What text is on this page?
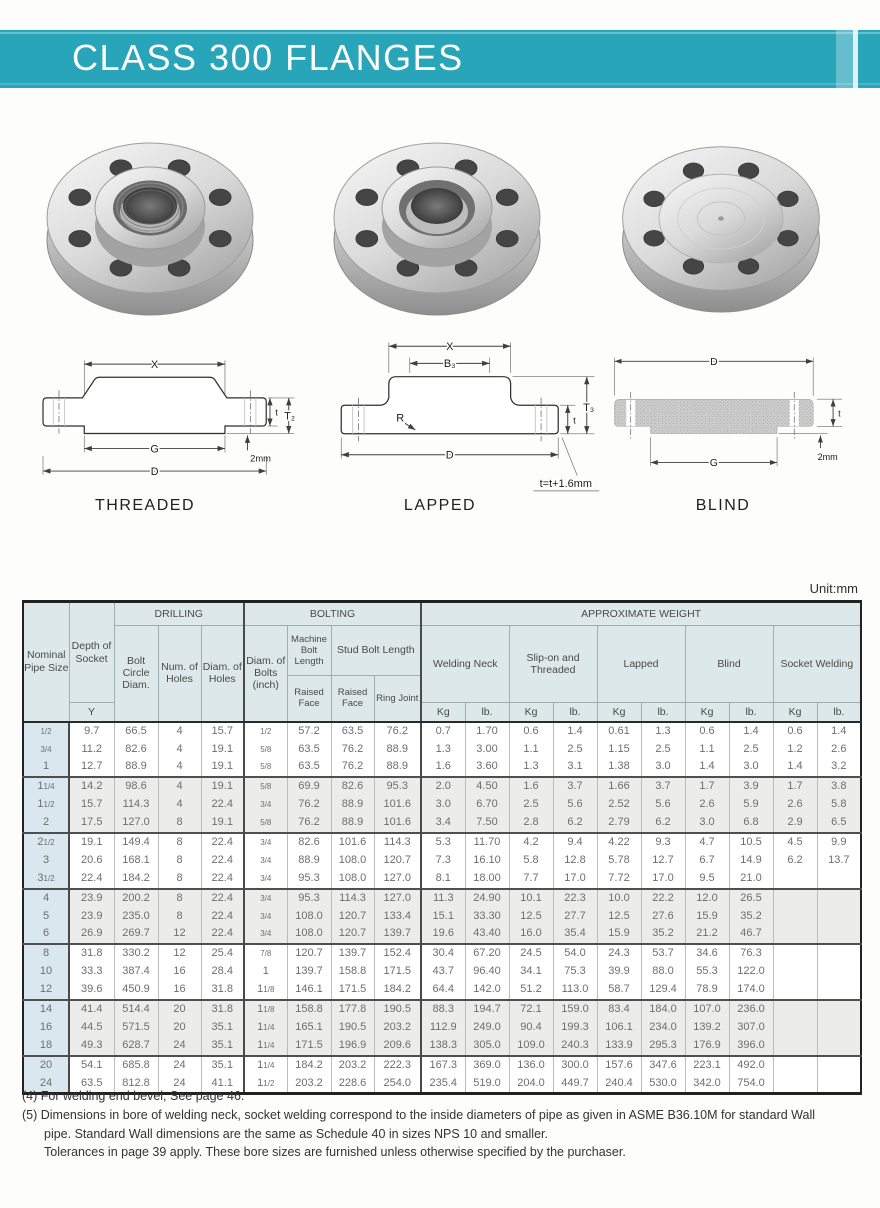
CLASS 300 FLANGES
X
t T₂
2mm
G
D
X
B₃
R	t
T₃
D
t=t+1.6mm
D
t
2mm
G
THREADED	LAPPED	BLIND
Unit:mm
Nominal Pipe Size	Depth of Socket	DRILLING			BOLTING				APPROXIMATE WEIGHT									
		Bolt Circle Diam.	Num. of Holes	Diam. of Holes	Diam. of Bolts (inch)	Machine Bolt Length	Stud Bolt Length		Welding Neck		Slip-on and Threaded		Lapped		Blind		Socket Welding	
						Raised Face	Raised Face	Ring Joint										
	Y								Kg	lb.	Kg	lb.	Kg	lb.	Kg	lb.	Kg	lb.
1/2	9.7	66.5	4	15.7	1/2	57.2	63.5	76.2	0.7	1.70	0.6	1.4	0.61	1.3	0.6	1.4	0.6	1.4
3/4	11.2	82.6	4	19.1	5/8	63.5	76.2	88.9	1.3	3.00	1.1	2.5	1.15	2.5	1.1	2.5	1.2	2.6
1	12.7	88.9	4	19.1	5/8	63.5	76.2	88.9	1.6	3.60	1.3	3.1	1.38	3.0	1.4	3.0	1.4	3.2
11/4	14.2	98.6	4	19.1	5/8	69.9	82.6	95.3	2.0	4.50	1.6	3.7	1.66	3.7	1.7	3.9	1.7	3.8
11/2	15.7	114.3	4	22.4	3/4	76.2	88.9	101.6	3.0	6.70	2.5	5.6	2.52	5.6	2.6	5.9	2.6	5.8
2	17.5	127.0	8	19.1	5/8	76.2	88.9	101.6	3.4	7.50	2.8	6.2	2.79	6.2	3.0	6.8	2.9	6.5
21/2	19.1	149.4	8	22.4	3/4	82.6	101.6	114.3	5.3	11.70	4.2	9.4	4.22	9.3	4.7	10.5	4.5	9.9
3	20.6	168.1	8	22.4	3/4	88.9	108.0	120.7	7.3	16.10	5.8	12.8	5.78	12.7	6.7	14.9	6.2	13.7
31/2	22.4	184.2	8	22.4	3/4	95.3	108.0	127.0	8.1	18.00	7.7	17.0	7.72	17.0	9.5	21.0		
4	23.9	200.2	8	22.4	3/4	95.3	114.3	127.0	11.3	24.90	10.1	22.3	10.0	22.2	12.0	26.5		
5	23.9	235.0	8	22.4	3/4	108.0	120.7	133.4	15.1	33.30	12.5	27.7	12.5	27.6	15.9	35.2		
6	26.9	269.7	12	22.4	3/4	108.0	120.7	139.7	19.6	43.40	16.0	35.4	15.9	35.2	21.2	46.7		
8	31.8	330.2	12	25.4	7/8	120.7	139.7	152.4	30.4	67.20	24.5	54.0	24.3	53.7	34.6	76.3		
10	33.3	387.4	16	28.4	1	139.7	158.8	171.5	43.7	96.40	34.1	75.3	39.9	88.0	55.3	122.0		
12	39.6	450.9	16	31.8	11/8	146.1	171.5	184.2	64.4	142.0	51.2	113.0	58.7	129.4	78.9	174.0		
14	41.4	514.4	20	31.8	11/8	158.8	177.8	190.5	88.3	194.7	72.1	159.0	83.4	184.0	107.0	236.0		
16	44.5	571.5	20	35.1	11/4	165.1	190.5	203.2	112.9	249.0	90.4	199.3	106.1	234.0	139.2	307.0		
18	49.3	628.7	24	35.1	11/4	171.5	196.9	209.6	138.3	305.0	109.0	240.3	133.9	295.3	176.9	396.0		
20	54.1	685.8	24	35.1	11/4	184.2	203.2	222.3	167.3	369.0	136.0	300.0	157.6	347.6	223.1	492.0		
24	63.5	812.8	24	41.1	11/2	203.2	228.6	254.0	235.4	519.0	204.0	449.7	240.4	530.0	342.0	754.0		
(4) For welding end bevel, See page 46.
(5) Dimensions in bore of welding neck, socket welding correspond to the inside diameters of pipe as given in ASME B36.10M for standard Wall
pipe. Standard Wall dimensions are the same as Schedule 40 in sizes NPS 10 and smaller.
Tolerances in page 39 apply. These bore sizes are furnished unless otherwise specified by the purchaser.
